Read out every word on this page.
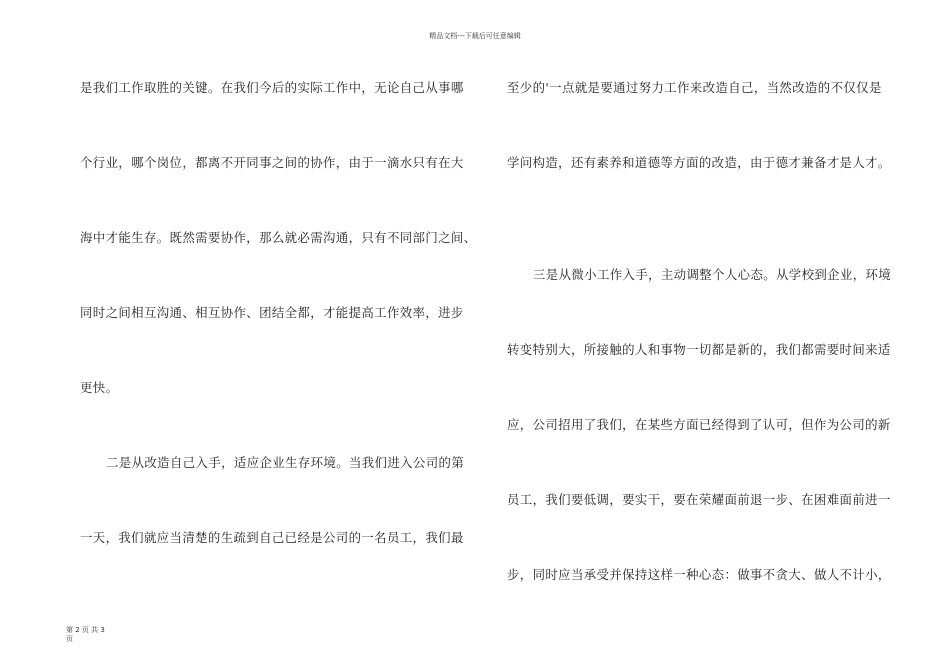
精品文档---下载后可任意编辑
是我们工作取胜的关键。在我们今后的实际工作中，无论自己从事哪
个行业，哪个岗位，都离不开同事之间的协作，由于一滴水只有在大
海中才能生存。既然需要协作，那么就必需沟通，只有不同部门之间、
同时之间相互沟通、相互协作、团结全都，才能提高工作效率，进步
更快。
二是从改造自己入手，适应企业生存环境。当我们进入公司的第
一天，我们就应当清楚的生疏到自己已经是公司的一名员工，我们最
至少的'一点就是要通过努力工作来改造自己，当然改造的不仅仅是
学问构造，还有素养和道德等方面的改造，由于德才兼备才是人才。
三是从微小工作入手，主动调整个人心态。从学校到企业，环境
转变特别大，所接触的人和事物一切都是新的，我们都需要时间来适
应，公司招用了我们，在某些方面已经得到了认可，但作为公司的新
员工，我们要低调，要实干，要在荣耀面前退一步、在困难面前进一
步，同时应当承受并保持这样一种心态：做事不贪大、做人不计小，
第 2 页 共 3 页
